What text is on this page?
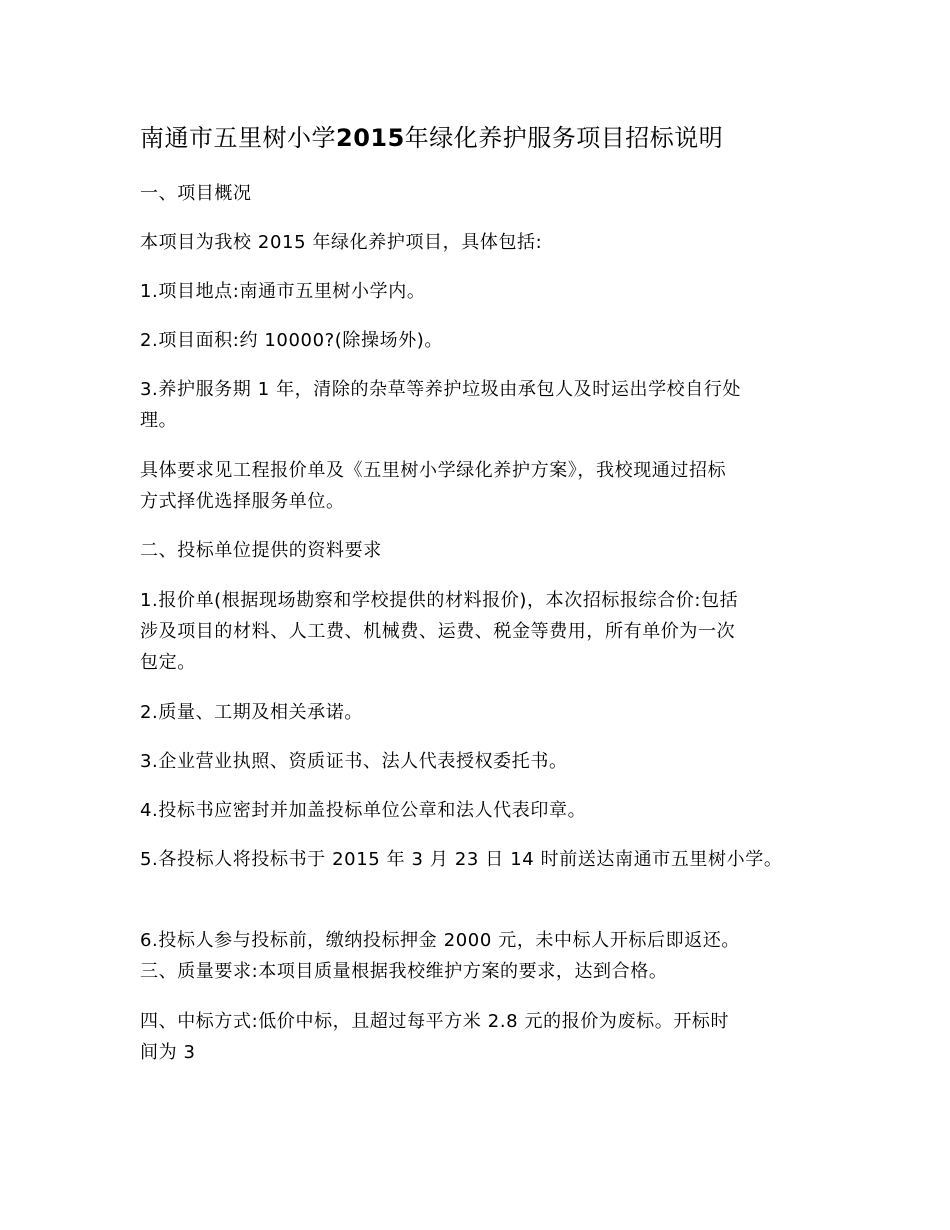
南通市五里树小学2015年绿化养护服务项目招标说明
一、项目概况
本项目为我校 2015 年绿化养护项目，具体包括:
1.项目地点:南通市五里树小学内。
2.项目面积:约 10000?(除操场外)。
3.养护服务期 1 年，清除的杂草等养护垃圾由承包人及时运出学校自行处
理。
具体要求见工程报价单及《五里树小学绿化养护方案》，我校现通过招标
方式择优选择服务单位。
二、投标单位提供的资料要求
1.报价单(根据现场勘察和学校提供的材料报价)，本次招标报综合价:包括
涉及项目的材料、人工费、机械费、运费、税金等费用，所有单价为一次
包定。
2.质量、工期及相关承诺。
3.企业营业执照、资质证书、法人代表授权委托书。
4.投标书应密封并加盖投标单位公章和法人代表印章。
5.各投标人将投标书于 2015 年 3 月 23 日 14 时前送达南通市五里树小学。
6.投标人参与投标前，缴纳投标押金 2000 元，未中标人开标后即返还。
三、质量要求:本项目质量根据我校维护方案的要求，达到合格。
四、中标方式:低价中标，且超过每平方米 2.8 元的报价为废标。开标时
间为 3
